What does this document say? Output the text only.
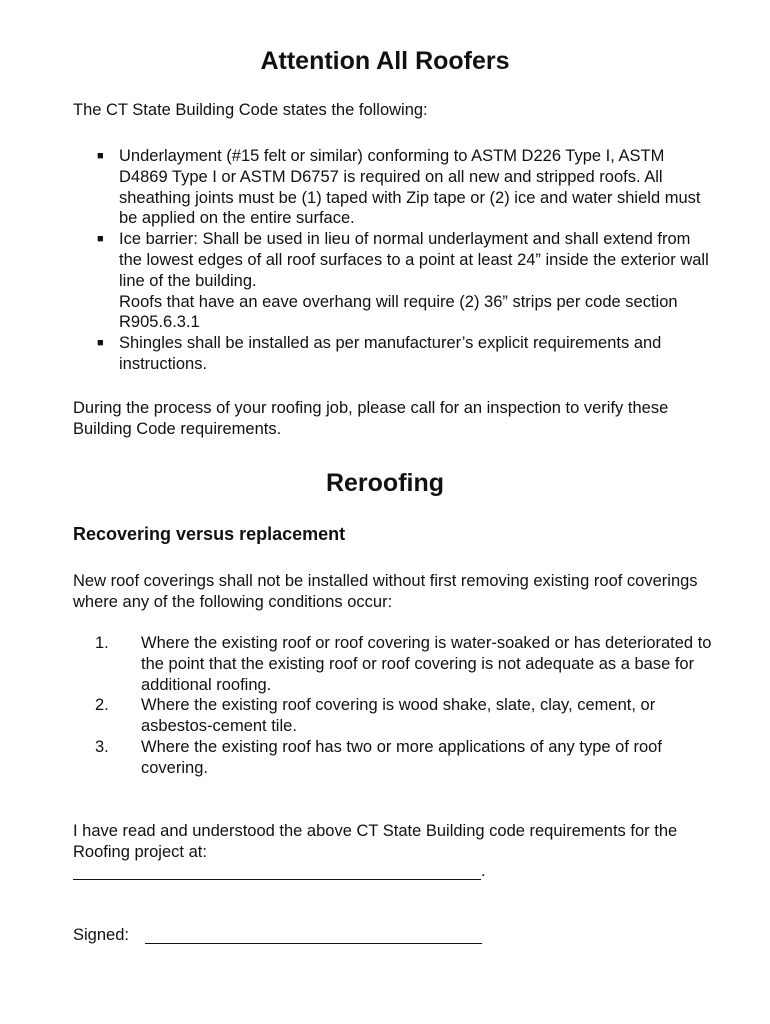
Attention All Roofers

The CT State Building Code states the following:

■ Underlayment (#15 felt or similar) conforming to ASTM D226 Type I, ASTM D4869 Type I or ASTM D6757 is required on all new and stripped roofs. All sheathing joints must be (1) taped with Zip tape or (2) ice and water shield must be applied on the entire surface.
■ Ice barrier: Shall be used in lieu of normal underlayment and shall extend from the lowest edges of all roof surfaces to a point at least 24” inside the exterior wall line of the building.
Roofs that have an eave overhang will require (2) 36” strips per code section R905.6.3.1
■ Shingles shall be installed as per manufacturer’s explicit requirements and instructions.

During the process of your roofing job, please call for an inspection to verify these Building Code requirements.

Reroofing
Recovering versus replacement

New roof coverings shall not be installed without first removing existing roof coverings where any of the following conditions occur:

1. Where the existing roof or roof covering is water-soaked or has deteriorated to the point that the existing roof or roof covering is not adequate as a base for additional roofing.
2. Where the existing roof covering is wood shake, slate, clay, cement, or asbestos-cement tile.
3. Where the existing roof has two or more applications of any type of roof covering.

I have read and understood the above CT State Building code requirements for the Roofing project at:

.

Signed:
